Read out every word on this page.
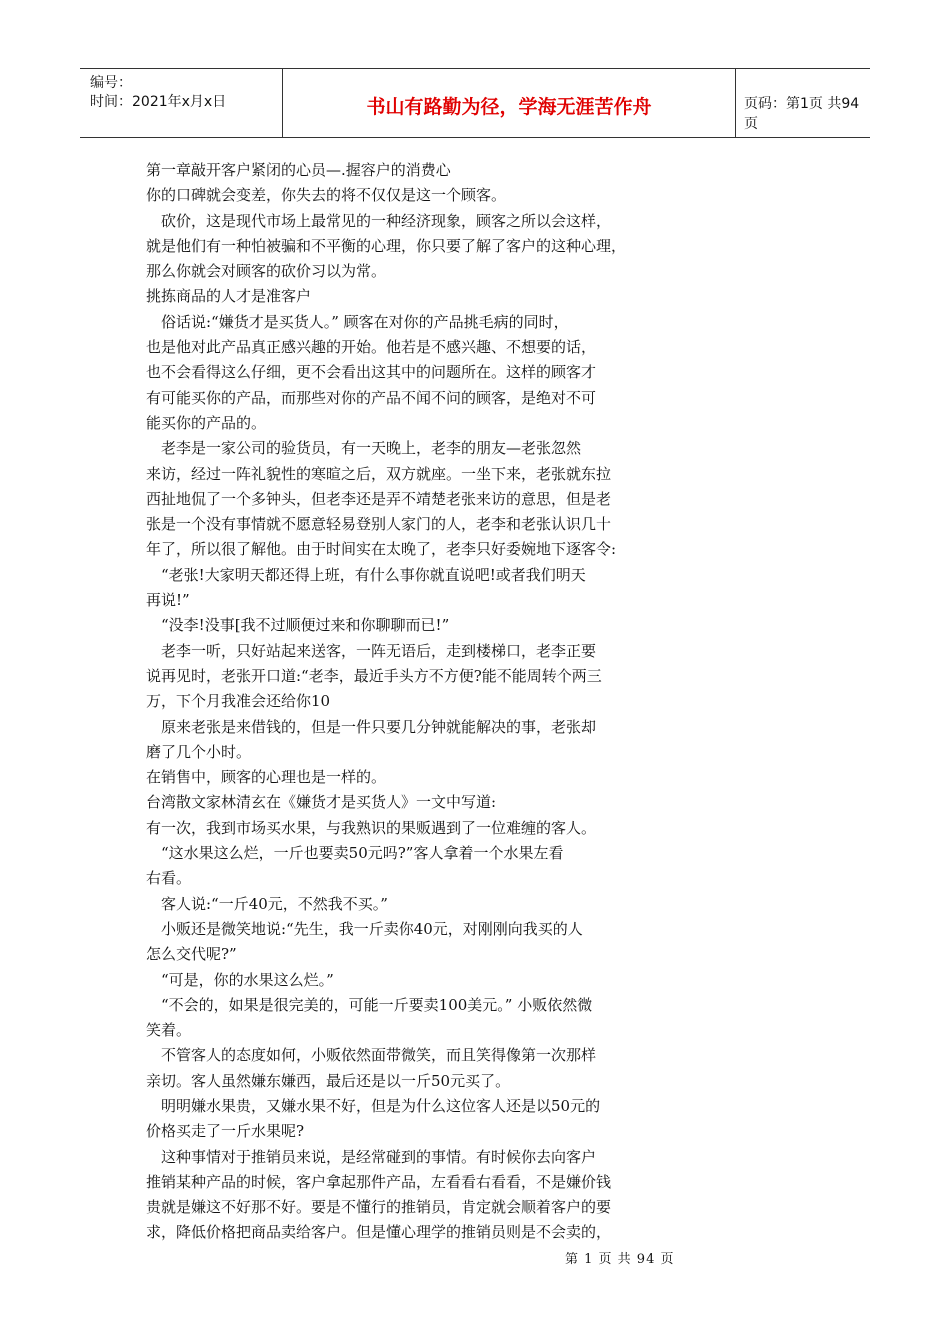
编号：
时间：2021年x月x日	书山有路勤为径，学海无涯苦作舟	页码：第1页 共94页
第一章敲开客户紧闭的心员—.握容户的消费心
你的口碑就会变差，你失去的将不仅仅是这一个顾客。
　砍价，这是现代市场上最常见的一种经济现象，顾客之所以会这样，
就是他们有一种怕被骗和不平衡的心理，你只要了解了客户的这种心理，
那么你就会对顾客的砍价习以为常。
挑拣商品的人才是准客户
　俗话说:“嫌货才是买货人。” 顾客在对你的产品挑毛病的同时，
也是他对此产品真正感兴趣的开始。他若是不感兴趣、不想要的话，
也不会看得这么仔细，更不会看出这其中的问题所在。这样的顾客才
有可能买你的产品，而那些对你的产品不闻不问的顾客，是绝对不可
能买你的产品的。
　老李是一家公司的验货员，有一天晚上，老李的朋友—老张忽然
来访，经过一阵礼貌性的寒暄之后，双方就座。一坐下来，老张就东拉
西扯地侃了一个多钟头，但老李还是弄不靖楚老张来访的意思，但是老
张是一个没有事情就不愿意轻易登别人家门的人，老李和老张认识几十
年了，所以很了解他。由于时间实在太晚了，老李只好委婉地下逐客令:
　“老张!大家明天都还得上班，有什么事你就直说吧!或者我们明天
再说!”
　“没李!没事[我不过顺便过来和你聊聊而已!”
　老李一听，只好站起来送客，一阵无语后，走到楼梯口，老李正要
说再见时，老张开口道:“老李，最近手头方不方便?能不能周转个两三
万，下个月我准会还给你10
　原来老张是来借钱的，但是一件只要几分钟就能解决的事，老张却
磨了几个小时。
在销售中，顾客的心理也是一样的。
台湾散文家林清玄在《嫌货才是买货人》一文中写道:
有一次，我到市场买水果，与我熟识的果贩遇到了一位难缠的客人。
　“这水果这么烂，一斤也要卖50元吗?”客人拿着一个水果左看
右看。
　客人说:“一斤40元，不然我不买。”
　小贩还是微笑地说:“先生，我一斤卖你40元，对刚刚向我买的人
怎么交代呢?”
　“可是，你的水果这么烂。”
　“不会的，如果是很完美的，可能一斤要卖100美元。” 小贩依然微
笑着。
　不管客人的态度如何，小贩依然面带微笑，而且笑得像第一次那样
亲切。客人虽然嫌东嫌西，最后还是以一斤50元买了。
　明明嫌水果贵，又嫌水果不好，但是为什么这位客人还是以50元的
价格买走了一斤水果呢?
　这种事情对于推销员来说，是经常碰到的事情。有时候你去向客户
推销某种产品的时候，客户拿起那件产品，左看看右看看，不是嫌价钱
贵就是嫌这不好那不好。要是不懂行的推销员，肯定就会顺着客户的要
求，降低价格把商品卖给客户。但是懂心理学的推销员则是不会卖的，
第 1 页 共 94 页
